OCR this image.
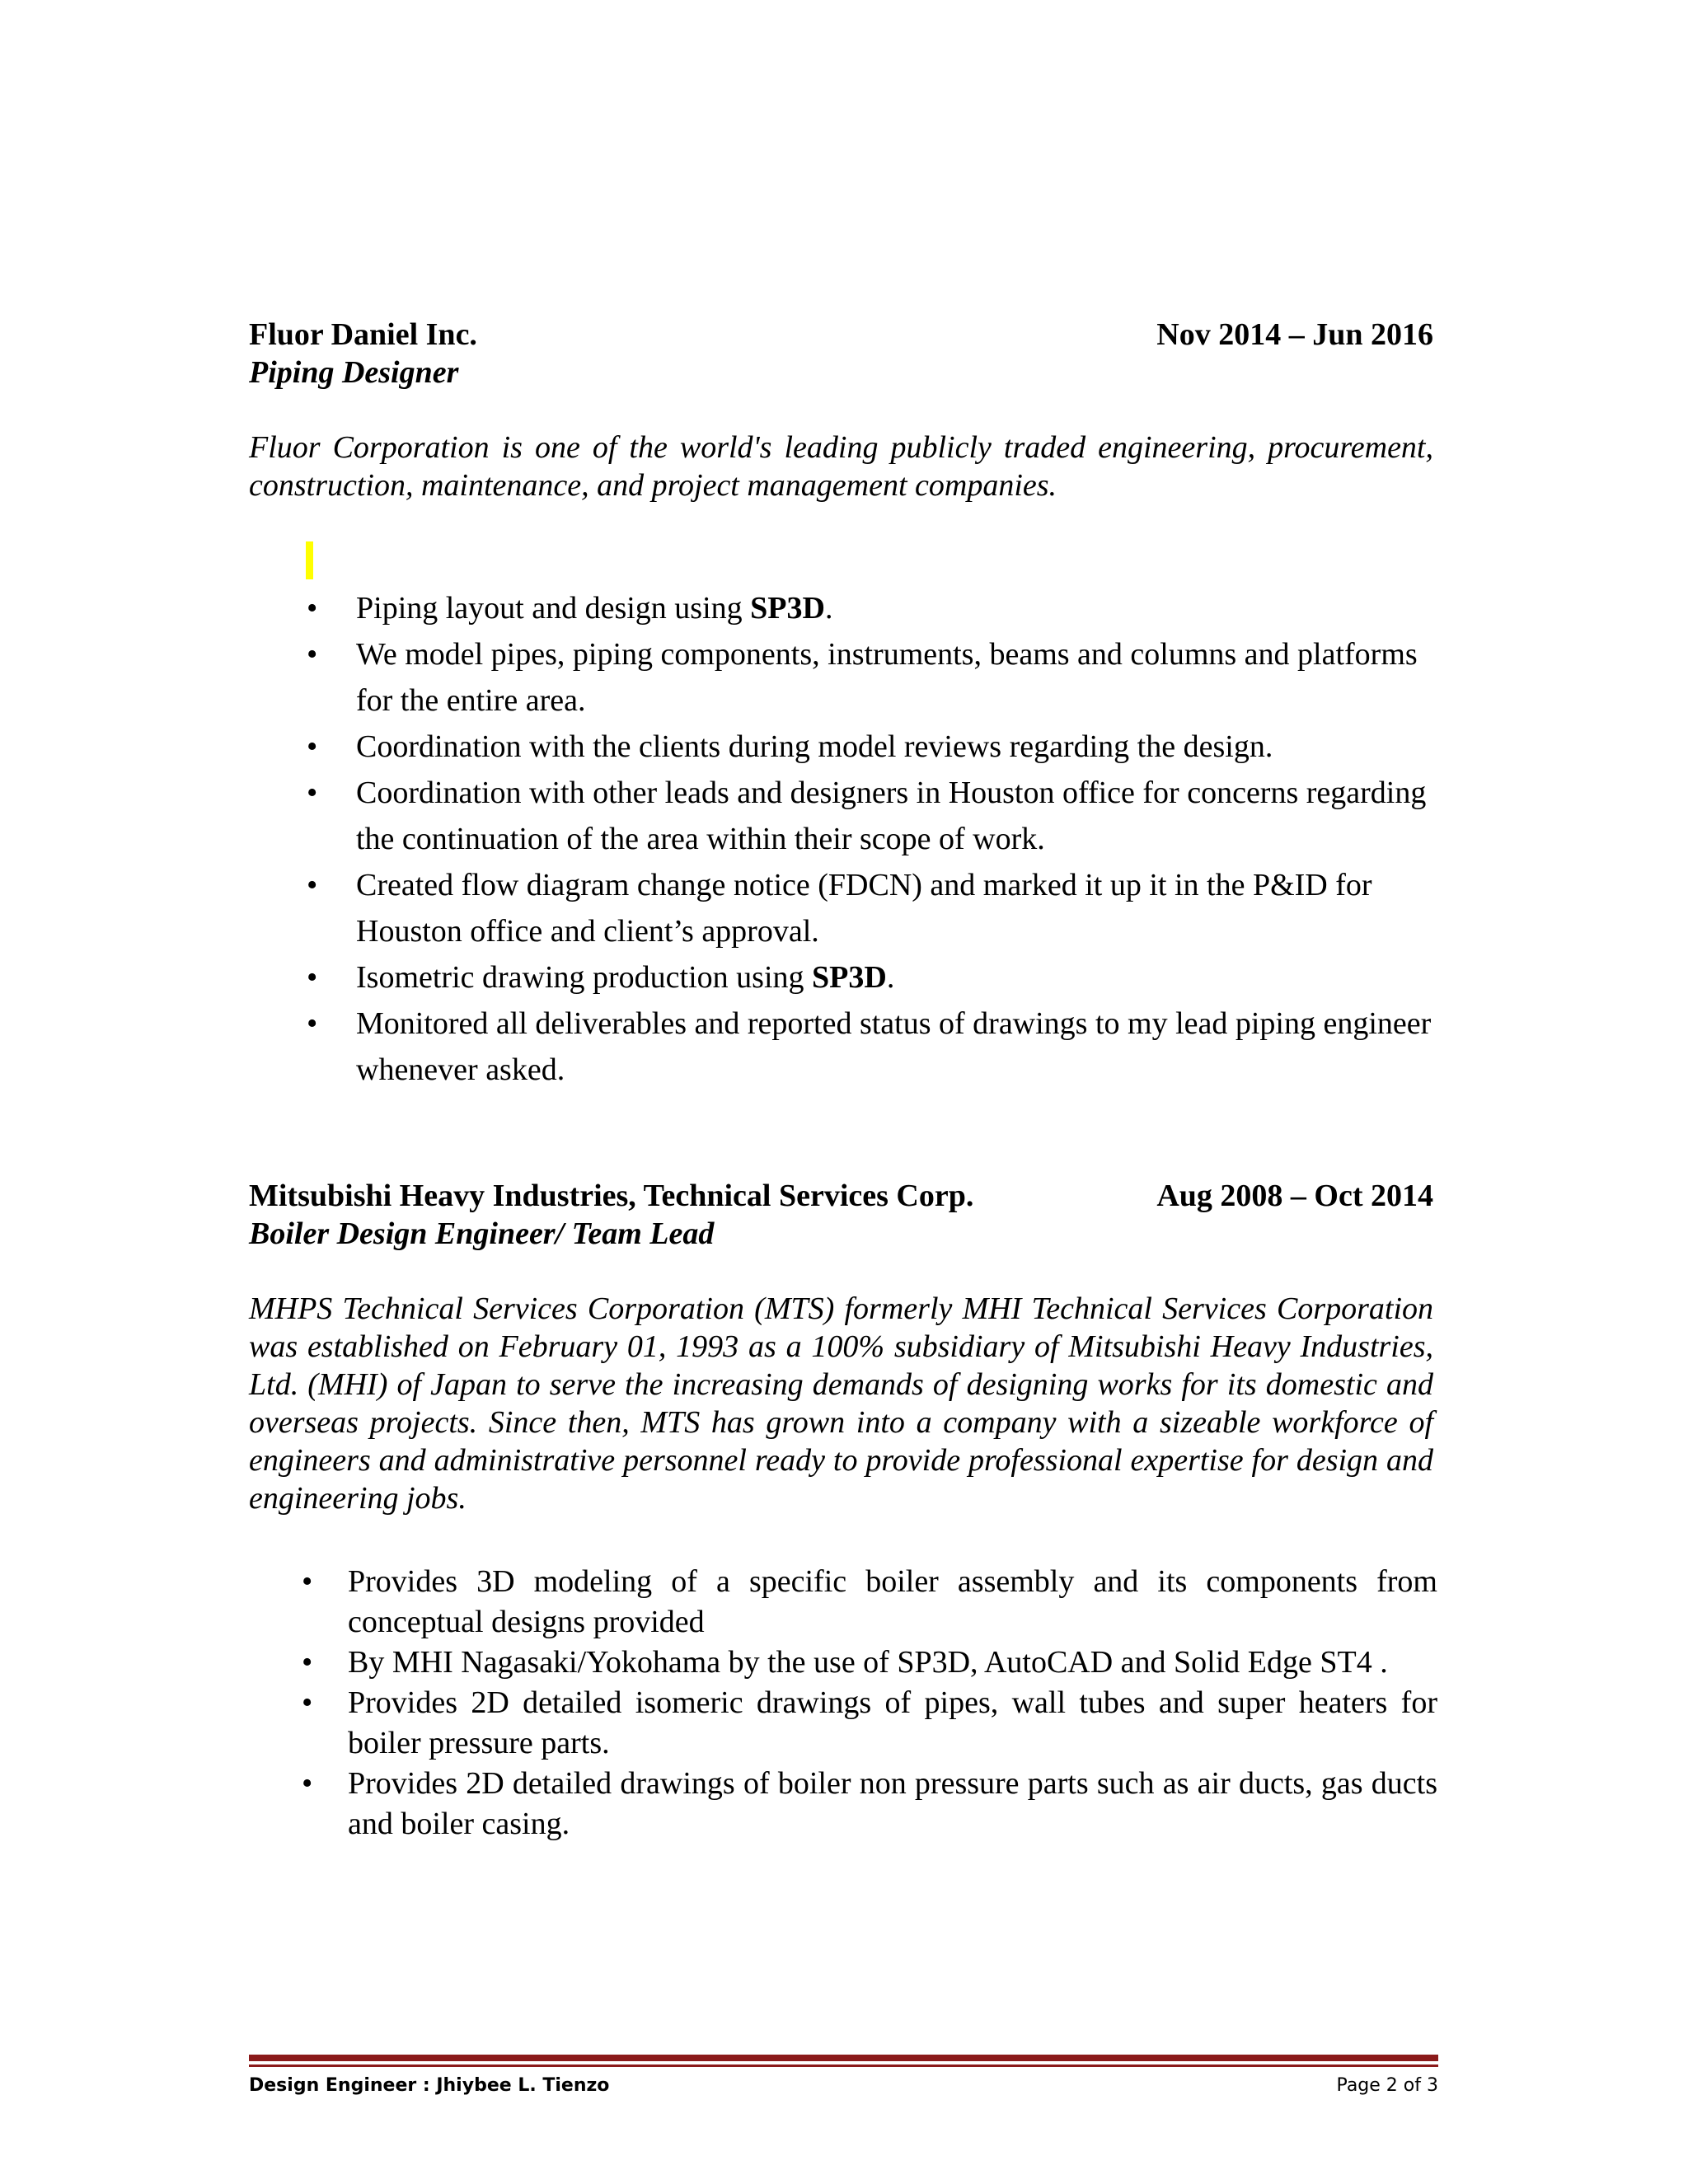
Fluor Daniel Inc.	Nov 2014 – Jun 2016
Piping Designer
Fluor Corporation is one of the world's leading publicly traded engineering, procurement, construction, maintenance, and project management companies.
• Piping layout and design using SP3D.
• We model pipes, piping components, instruments, beams and columns and platforms for the entire area.
• Coordination with the clients during model reviews regarding the design.
• Coordination with other leads and designers in Houston office for concerns regarding the continuation of the area within their scope of work.
• Created flow diagram change notice (FDCN) and marked it up it in the P&ID for Houston office and client’s approval.
• Isometric drawing production using SP3D.
• Monitored all deliverables and reported status of drawings to my lead piping engineer whenever asked.
Mitsubishi Heavy Industries, Technical Services Corp.	Aug 2008 – Oct 2014
Boiler Design Engineer/ Team Lead
MHPS Technical Services Corporation (MTS) formerly MHI Technical Services Corporation was established on February 01, 1993 as a 100% subsidiary of Mitsubishi Heavy Industries, Ltd. (MHI) of Japan to serve the increasing demands of designing works for its domestic and overseas projects. Since then, MTS has grown into a company with a sizeable workforce of engineers and administrative personnel ready to provide professional expertise for design and engineering jobs.
• Provides 3D modeling of a specific boiler assembly and its components from conceptual designs provided
• By MHI Nagasaki/Yokohama by the use of SP3D, AutoCAD and Solid Edge ST4 .
• Provides 2D detailed isomeric drawings of pipes, wall tubes and super heaters for boiler pressure parts.
• Provides 2D detailed drawings of boiler non pressure parts such as air ducts, gas ducts and boiler casing.
Design Engineer : Jhiybee L. Tienzo	Page 2 of 3
